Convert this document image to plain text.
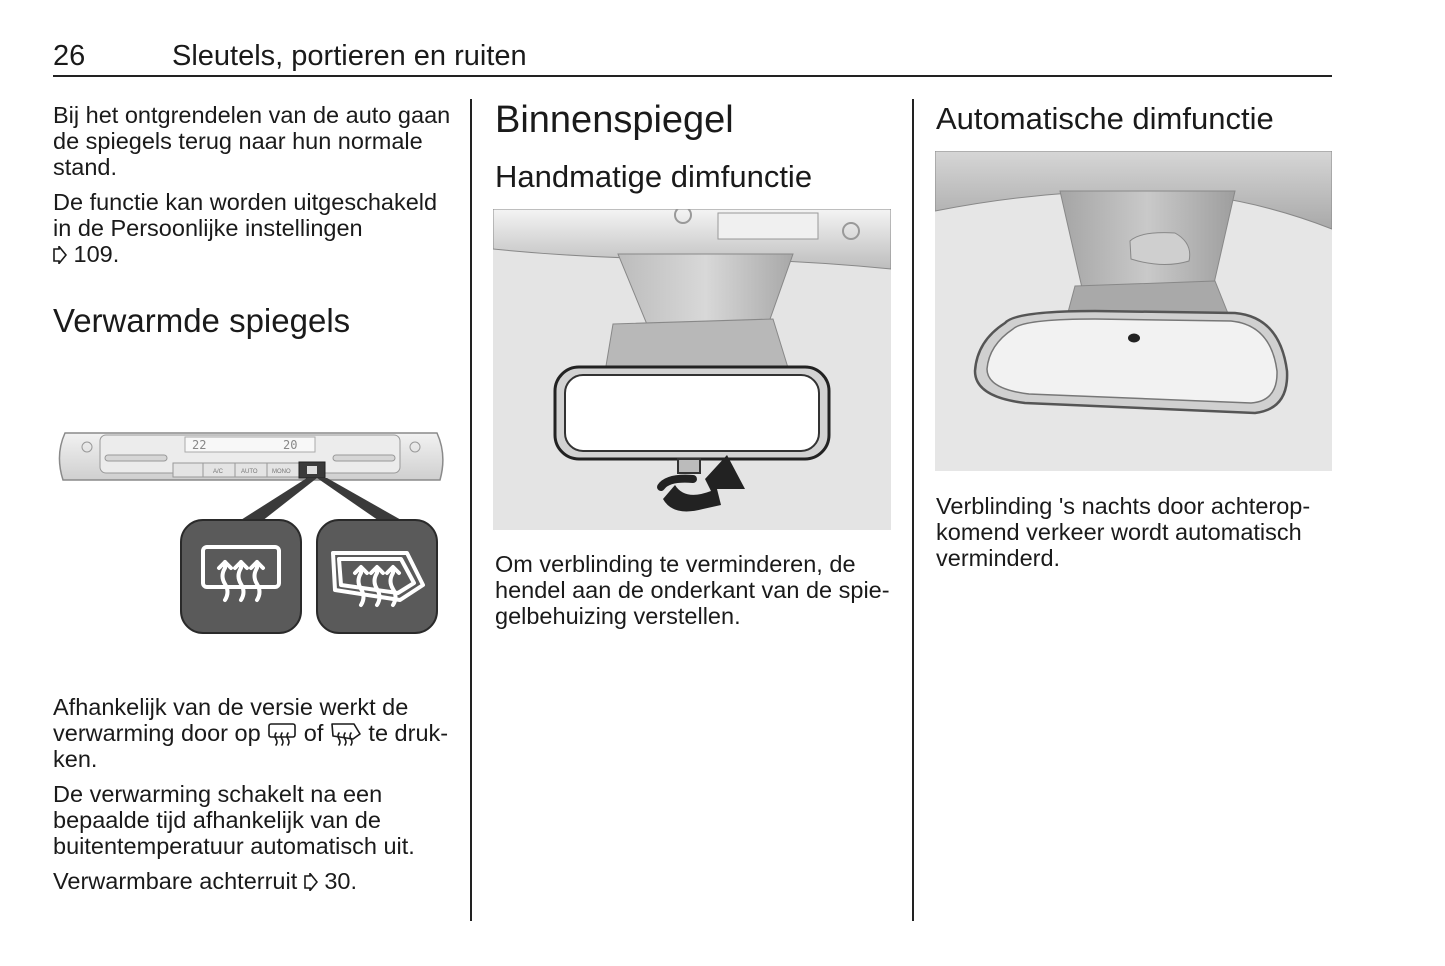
26	Sleutels, portieren en ruiten

Bij het ontgrendelen van de auto gaan de spiegels terug naar hun normale stand.

De functie kan worden uitgeschakeld in de Persoonlijke instellingen

109.

Verwarmde spiegels
22	20
A/C	AUTO MONO

Afhankelijk van de versie werkt de verwarming door op of te druk-
ken.

De verwarming schakelt na een bepaalde tijd afhankelijk van de buitentemperatuur automatisch uit.

Verwarmbare achterruit 30.

Binnenspiegel
Handmatige dimfunctie

Om verblinding te verminderen, de hendel aan de onderkant van de spie-gelbehuizing verstellen.

Automatische dimfunctie

Verblinding 's nachts door achterop-komend verkeer wordt automatisch verminderd.
